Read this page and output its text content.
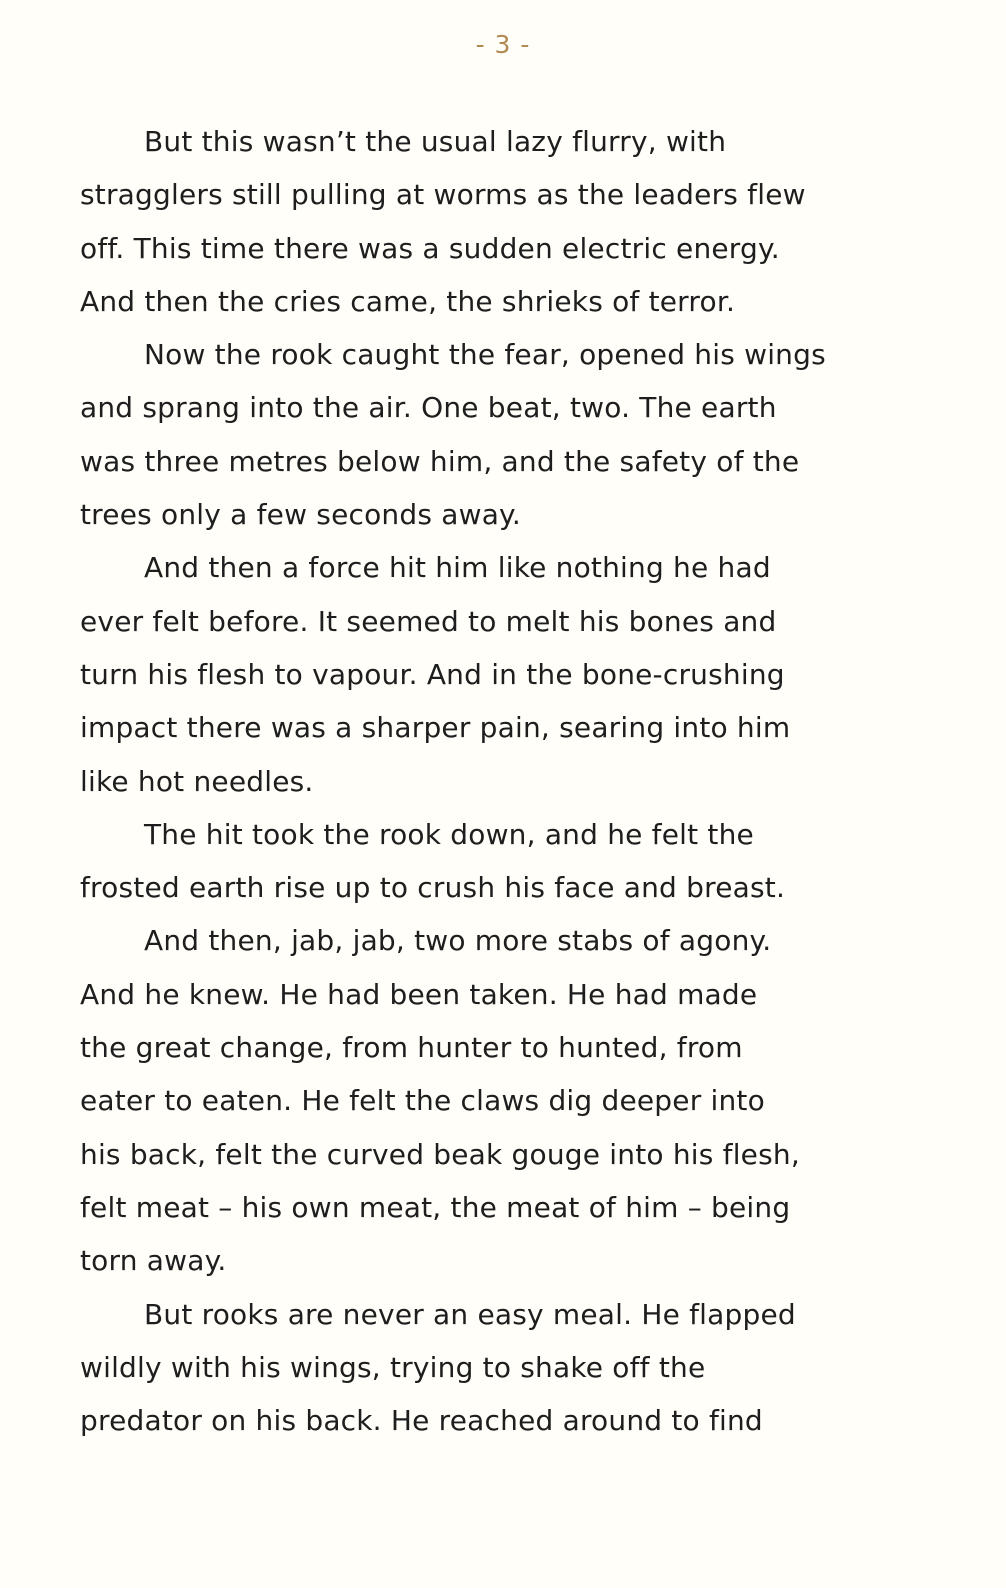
- 3 -
But this wasn’t the usual lazy flurry, with
stragglers still pulling at worms as the leaders flew
off. This time there was a sudden electric energy.
And then the cries came, the shrieks of terror.
Now the rook caught the fear, opened his wings
and sprang into the air. One beat, two. The earth
was three metres below him, and the safety of the
trees only a few seconds away.
And then a force hit him like nothing he had
ever felt before. It seemed to melt his bones and
turn his flesh to vapour. And in the bone-crushing
impact there was a sharper pain, searing into him
like hot needles.
The hit took the rook down, and he felt the
frosted earth rise up to crush his face and breast.
And then, jab, jab, two more stabs of agony.
And he knew. He had been taken. He had made
the great change, from hunter to hunted, from
eater to eaten. He felt the claws dig deeper into
his back, felt the curved beak gouge into his flesh,
felt meat – his own meat, the meat of him – being
torn away.
But rooks are never an easy meal. He flapped
wildly with his wings, trying to shake off the
predator on his back. He reached around to find
